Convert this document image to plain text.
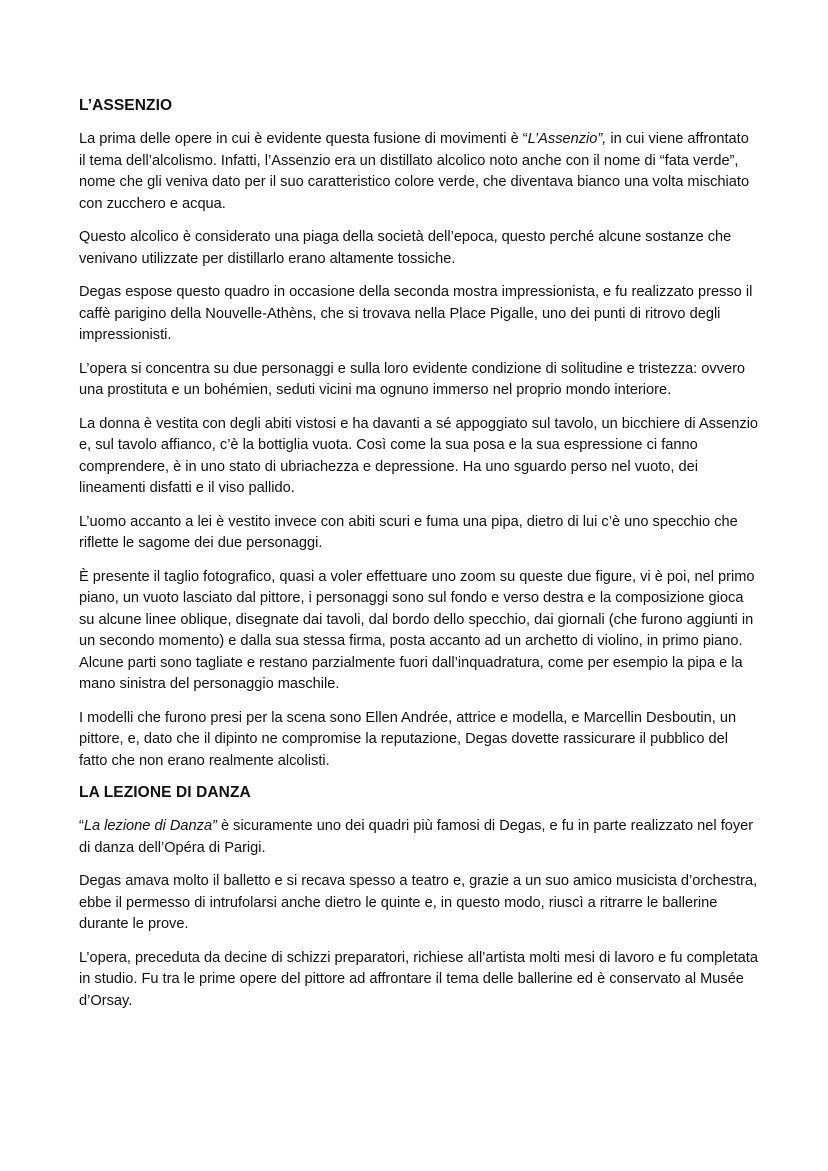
L’ASSENZIO

La prima delle opere in cui è evidente questa fusione di movimenti è “L’Assenzio”, in cui viene affrontato il tema dell’alcolismo. Infatti, l’Assenzio era un distillato alcolico noto anche con il nome di “fata verde”, nome che gli veniva dato per il suo caratteristico colore verde, che diventava bianco una volta mischiato con zucchero e acqua.

Questo alcolico è considerato una piaga della società dell’epoca, questo perché alcune sostanze che venivano utilizzate per distillarlo erano altamente tossiche.

Degas espose questo quadro in occasione della seconda mostra impressionista, e fu realizzato presso il caffè parigino della Nouvelle-Athèns, che si trovava nella Place Pigalle, uno dei punti di ritrovo degli impressionisti.

L’opera si concentra su due personaggi e sulla loro evidente condizione di solitudine e tristezza: ovvero una prostituta e un bohémien, seduti vicini ma ognuno immerso nel proprio mondo interiore.

La donna è vestita con degli abiti vistosi e ha davanti a sé appoggiato sul tavolo, un bicchiere di Assenzio e, sul tavolo affianco, c’è la bottiglia vuota. Così come la sua posa e la sua espressione ci fanno comprendere, è in uno stato di ubriachezza e depressione. Ha uno sguardo perso nel vuoto, dei lineamenti disfatti e il viso pallido.

L’uomo accanto a lei è vestito invece con abiti scuri e fuma una pipa, dietro di lui c’è uno specchio che riflette le sagome dei due personaggi.

È presente il taglio fotografico, quasi a voler effettuare uno zoom su queste due figure, vi è poi, nel primo piano, un vuoto lasciato dal pittore, i personaggi sono sul fondo e verso destra e la composizione gioca su alcune linee oblique, disegnate dai tavoli, dal bordo dello specchio, dai giornali (che furono aggiunti in un secondo momento) e dalla sua stessa firma, posta accanto ad un archetto di violino, in primo piano. Alcune parti sono tagliate e restano parzialmente fuori dall’inquadratura, come per esempio la pipa e la mano sinistra del personaggio maschile.

I modelli che furono presi per la scena sono Ellen Andrée, attrice e modella, e Marcellin Desboutin, un pittore, e, dato che il dipinto ne compromise la reputazione, Degas dovette rassicurare il pubblico del fatto che non erano realmente alcolisti.

LA LEZIONE DI DANZA

“La lezione di Danza” è sicuramente uno dei quadri più famosi di Degas, e fu in parte realizzato nel foyer di danza dell’Opéra di Parigi.

Degas amava molto il balletto e si recava spesso a teatro e, grazie a un suo amico musicista d’orchestra, ebbe il permesso di intrufolarsi anche dietro le quinte e, in questo modo, riuscì a ritrarre le ballerine durante le prove.

L’opera, preceduta da decine di schizzi preparatori, richiese all’artista molti mesi di lavoro e fu completata in studio. Fu tra le prime opere del pittore ad affrontare il tema delle ballerine ed è conservato al Musée d’Orsay.
